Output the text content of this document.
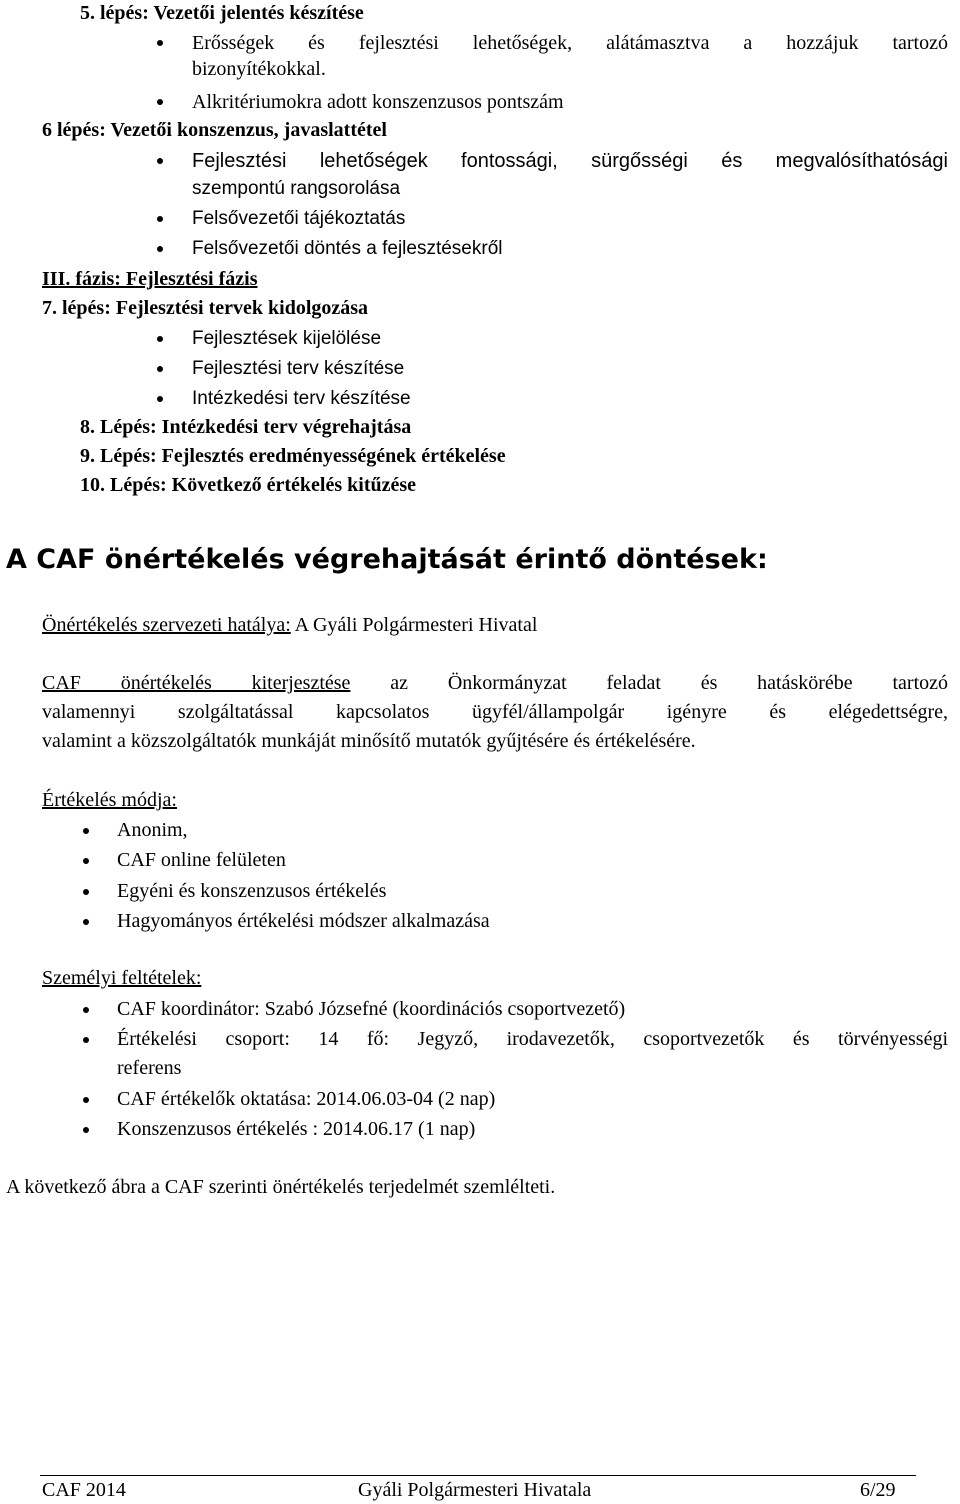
5. lépés: Vezetői jelentés készítése
Erősségek és fejlesztési lehetőségek, alátámasztva a hozzájuk tartozó
bizonyítékokkal.
Alkritériumokra adott konszenzusos pontszám
6 lépés: Vezetői konszenzus, javaslattétel
Fejlesztési lehetőségek fontossági, sürgősségi és megvalósíthatósági
szempontú rangsorolása
Felsővezetői tájékoztatás
Felsővezetői döntés a fejlesztésekről
III. fázis: Fejlesztési fázis
7. lépés: Fejlesztési tervek kidolgozása
Fejlesztések kijelölése
Fejlesztési terv készítése
Intézkedési terv készítése
8. Lépés: Intézkedési terv végrehajtása
9. Lépés: Fejlesztés eredményességének értékelése
10. Lépés: Következő értékelés kitűzése
A CAF önértékelés végrehajtását érintő döntések:
Önértékelés szervezeti hatálya: A Gyáli Polgármesteri Hivatal
CAF önértékelés kiterjesztése az Önkormányzat feladat és hatáskörébe tartozó
valamennyi szolgáltatással kapcsolatos ügyfél/állampolgár igényre és elégedettségre,
valamint a közszolgáltatók munkáját minősítő mutatók gyűjtésére és értékelésére.
Értékelés módja:
Anonim,
CAF online felületen
Egyéni és konszenzusos értékelés
Hagyományos értékelési módszer alkalmazása
Személyi feltételek:
CAF koordinátor: Szabó Józsefné (koordinációs csoportvezető)
Értékelési csoport: 14 fő: Jegyző, irodavezetők, csoportvezetők és törvényességi
referens
CAF értékelők oktatása: 2014.06.03-04 (2 nap)
Konszenzusos értékelés : 2014.06.17 (1 nap)
A következő ábra a CAF szerinti önértékelés terjedelmét szemlélteti.
CAF 2014	Gyáli Polgármesteri Hivatala	6/29
